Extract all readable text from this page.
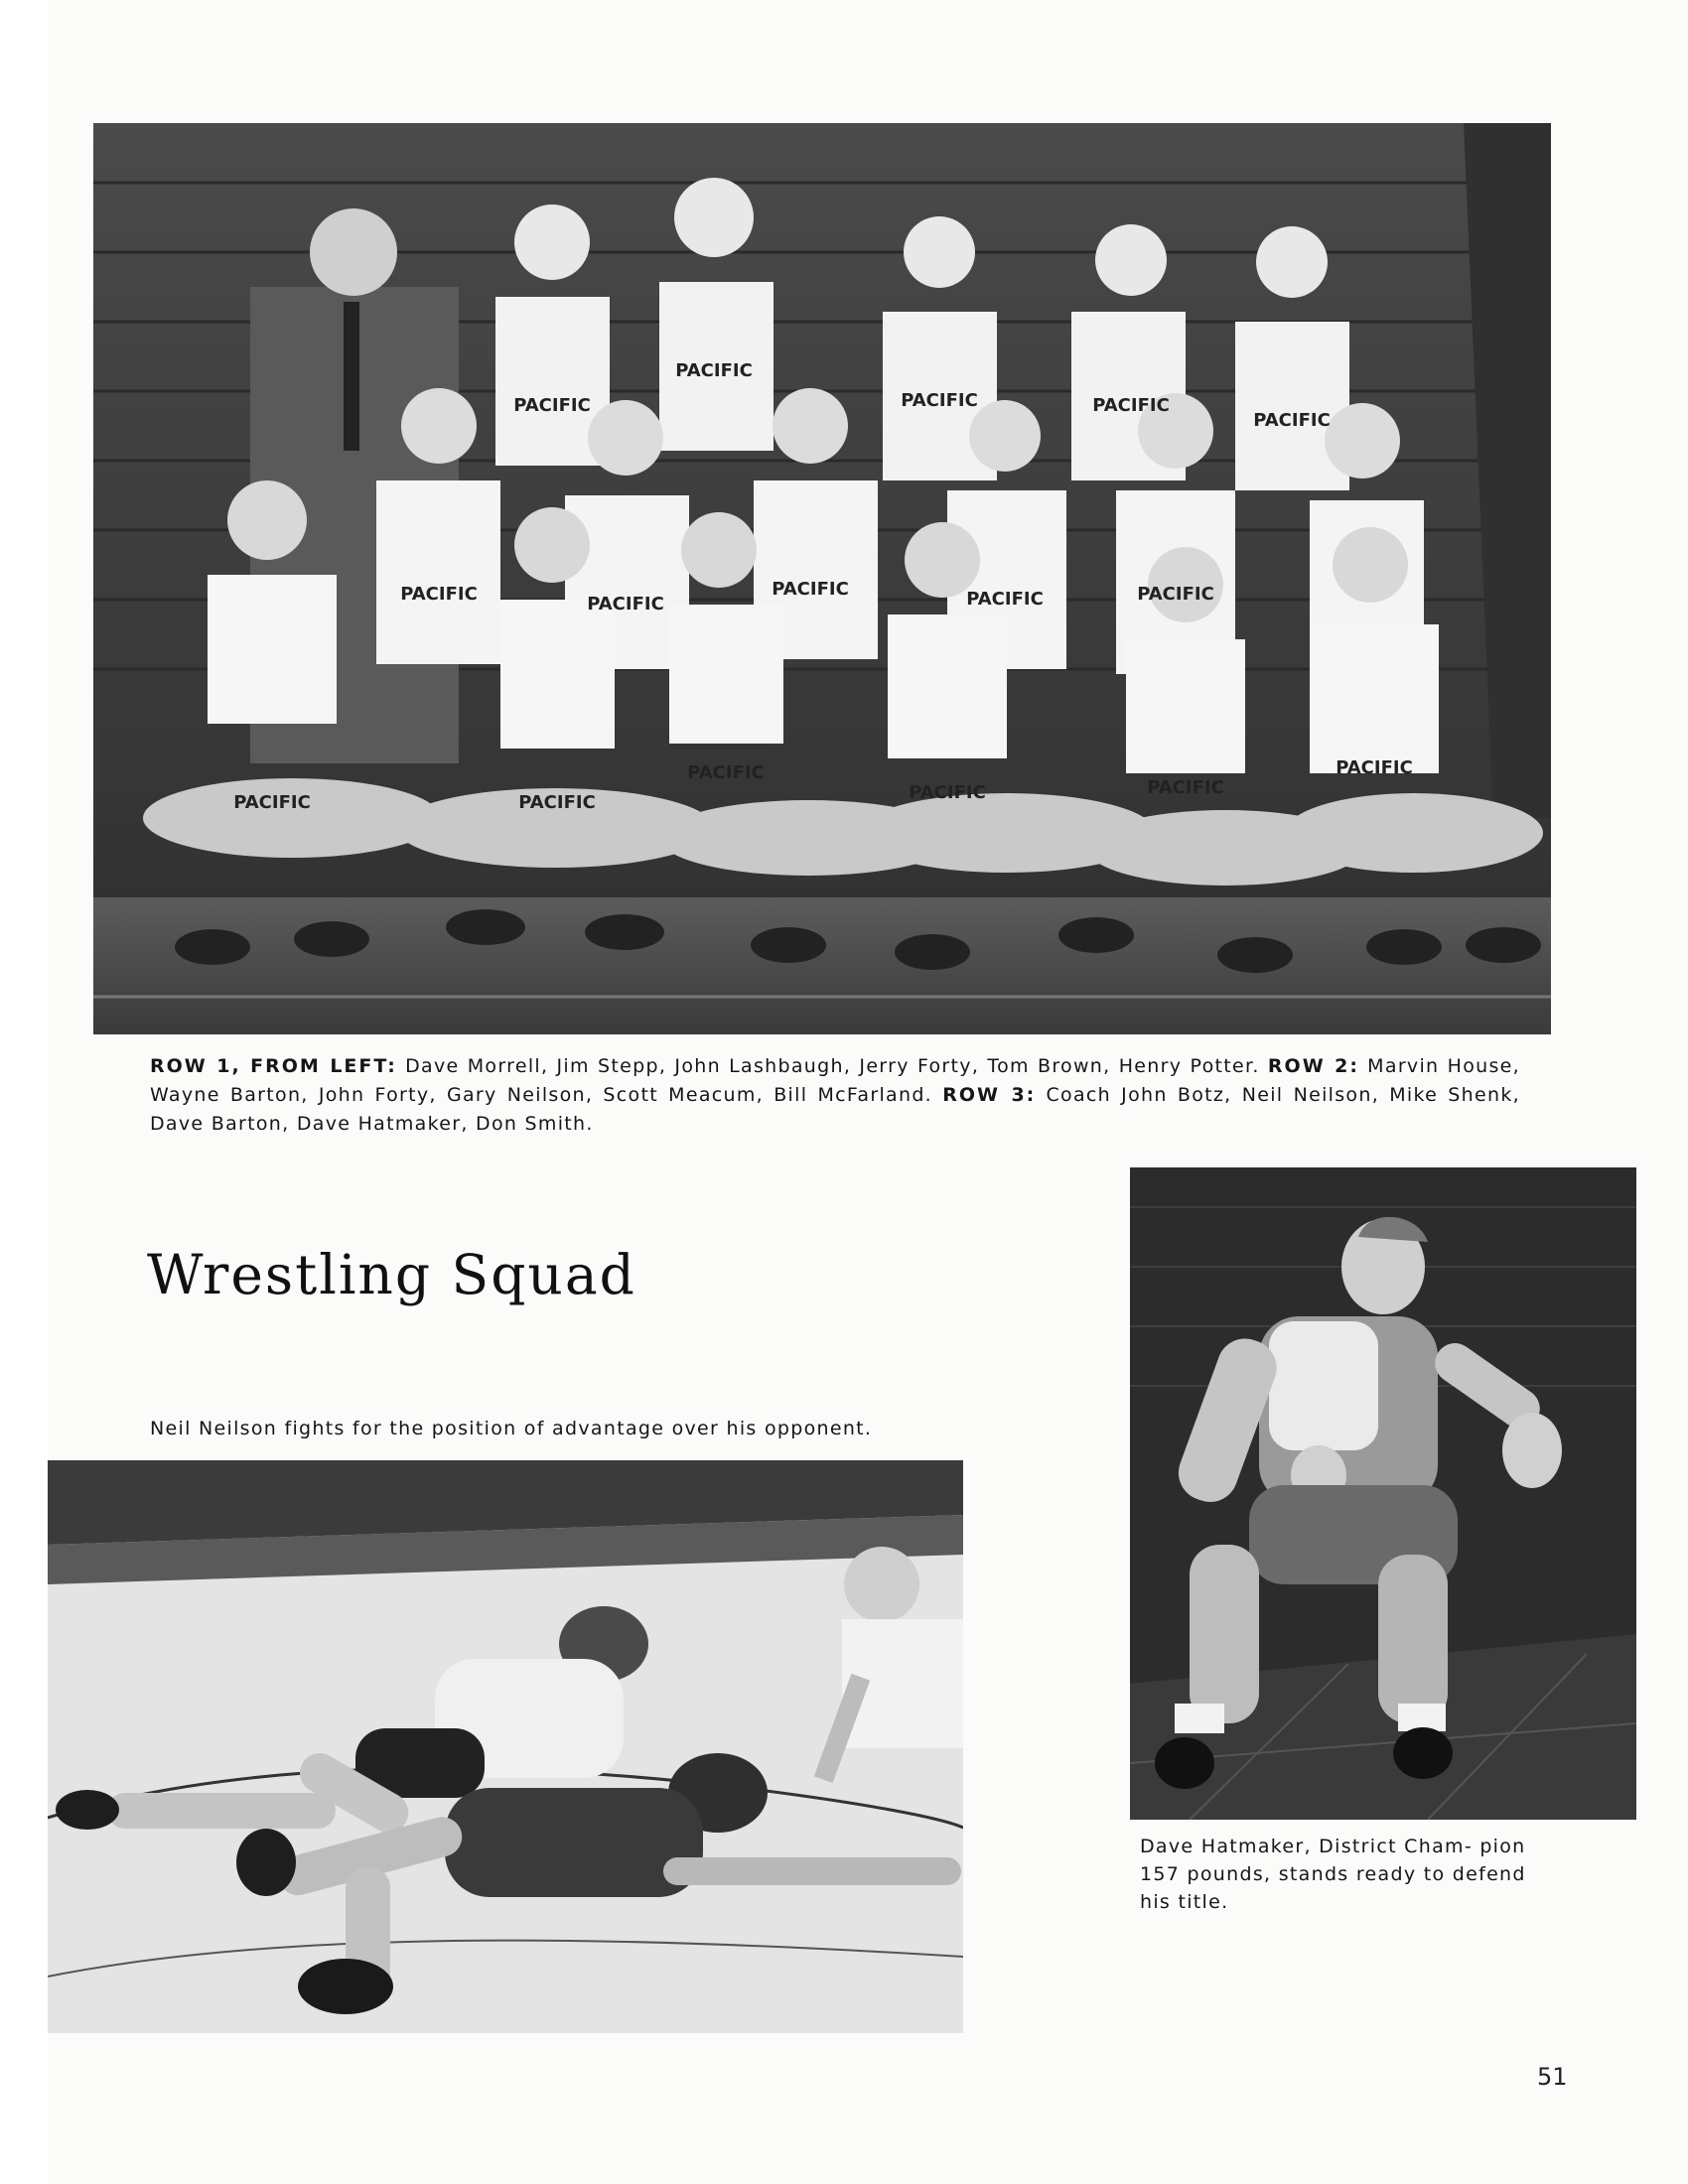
PACIFIC
PACIFIC
PACIFIC	PACIFIC
PACIFIC
PACIFIC	PACIFIC
PACIFIC	PACIFIC	PACIFIC
PACIFIC	PACIFIC
PACIFIC
PACIFIC	PACIFIC
PACIFIC
ROW 1, FROM LEFT: Dave Morrell, Jim Stepp, John Lashbaugh, Jerry Forty, Tom Brown, Henry Potter. ROW 2: Marvin House, Wayne Barton, John Forty, Gary Neilson, Scott Meacum, Bill McFarland. ROW 3: Coach John Botz, Neil Neilson, Mike Shenk, Dave Barton, Dave Hatmaker, Don Smith.
Wrestling Squad
Neil Neilson fights for the position of advantage over his opponent.
Dave Hatmaker, District Cham- pion 157 pounds, stands ready to defend his title.
51
